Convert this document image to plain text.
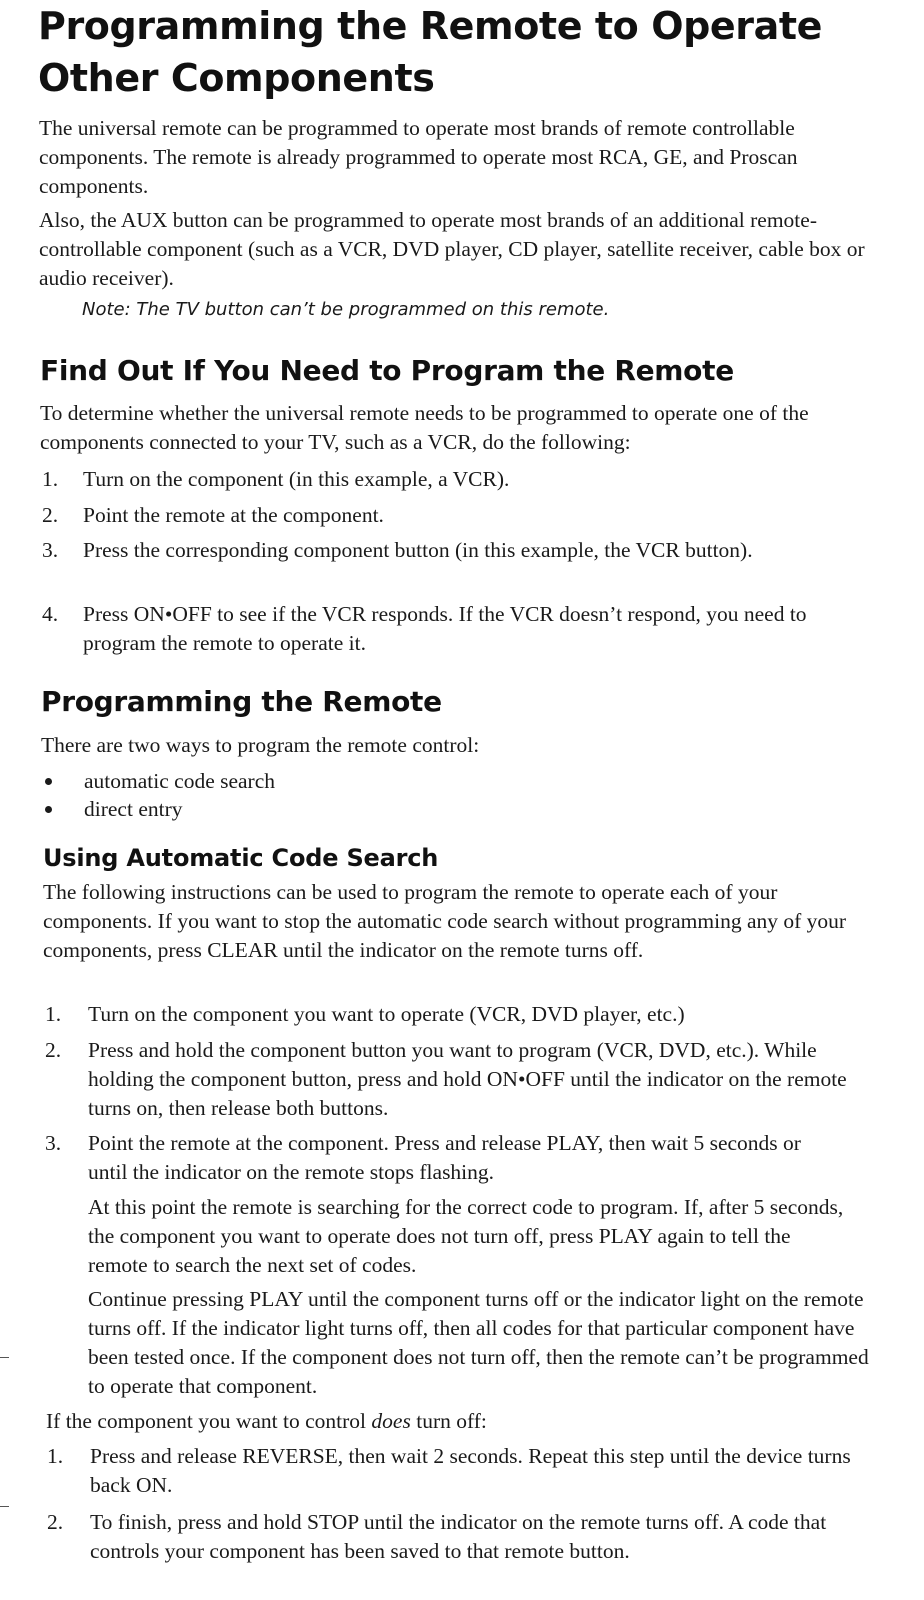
Programming the Remote to Operate
Other Components

The universal remote can be programmed to operate most brands of remote controllable components. The remote is already programmed to operate most RCA, GE, and Proscan components.

Also, the AUX button can be programmed to operate most brands of an additional remote-controllable component (such as a VCR, DVD player, CD player, satellite receiver, cable box or audio receiver).

Note: The TV button can’t be programmed on this remote.

Find Out If You Need to Program the Remote

To determine whether the universal remote needs to be programmed to operate one of the components connected to your TV, such as a VCR, do the following:

1. Turn on the component (in this example, a VCR).
2. Point the remote at the component.
3. Press the corresponding component button (in this example, the VCR button).
4. Press ON•OFF to see if the VCR responds. If the VCR doesn’t respond, you need to program the remote to operate it.
Programming the Remote

There are two ways to program the remote control:

automatic code search
direct entry
Using Automatic Code Search

The following instructions can be used to program the remote to operate each of your components. If you want to stop the automatic code search without programming any of your components, press CLEAR until the indicator on the remote turns off.

1. Turn on the component you want to operate (VCR, DVD player, etc.)
2. Press and hold the component button you want to program (VCR, DVD, etc.). While holding the component button, press and hold ON•OFF until the indicator on the remote turns on, then release both buttons.
3. Point the remote at the component. Press and release PLAY, then wait 5 seconds or until the indicator on the remote stops flashing.

At this point the remote is searching for the correct code to program. If, after 5 seconds, the component you want to operate does not turn off, press PLAY again to tell the remote to search the next set of codes.

Continue pressing PLAY until the component turns off or the indicator light on the remote turns off. If the indicator light turns off, then all codes for that particular component have been tested once. If the component does not turn off, then the remote can’t be programmed to operate that component.

If the component you want to control does turn off:

1. Press and release REVERSE, then wait 2 seconds. Repeat this step until the device turns back ON.
2. To finish, press and hold STOP until the indicator on the remote turns off. A code that controls your component has been saved to that remote button.
